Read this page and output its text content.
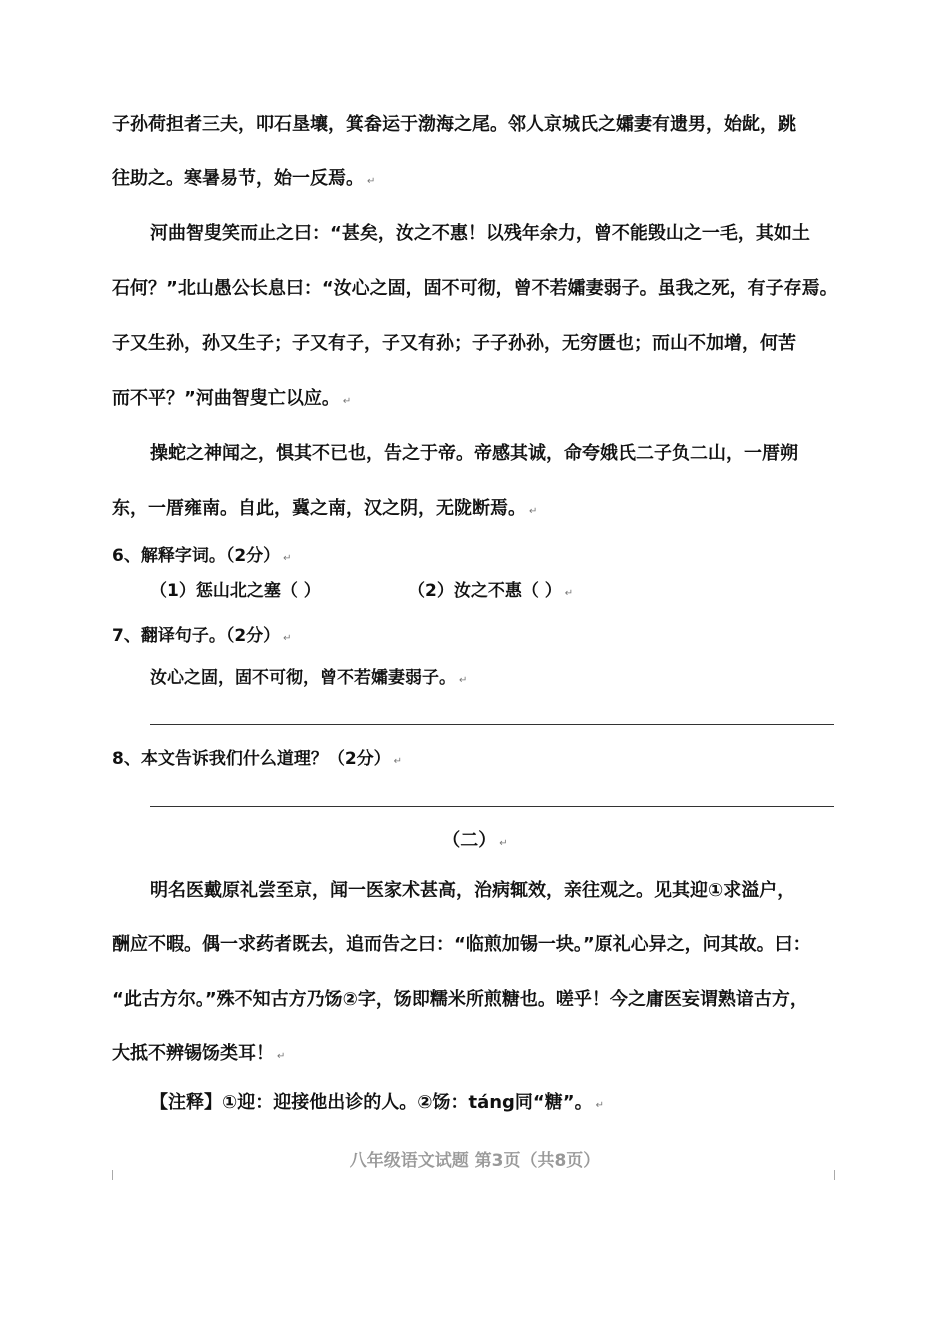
子孙荷担者三夫，叩石垦壤，箕畚运于渤海之尾。邻人京城氏之孀妻有遗男，始龀，跳
往助之。寒暑易节，始一反焉。 ↵
河曲智叟笑而止之曰：“甚矣，汝之不惠！以残年余力，曾不能毁山之一毛，其如土
石何？”北山愚公长息曰：“汝心之固，固不可彻，曾不若孀妻弱子。虽我之死，有子存焉。
子又生孙，孙又生子；子又有子，子又有孙；子子孙孙，无穷匮也；而山不加增，何苦
而不平？”河曲智叟亡以应。 ↵
操蛇之神闻之，惧其不已也，告之于帝。帝感其诚，命夸娥氏二子负二山，一厝朔
东，一厝雍南。自此，冀之南，汉之阴，无陇断焉。 ↵
6、解释字词。（2分） ↵
（1）惩山北之塞（ ）	（2）汝之不惠（ ） ↵
7、翻译句子。（2分） ↵
汝心之固，固不可彻，曾不若孀妻弱子。 ↵
8、本文告诉我们什么道理？（2分） ↵
（二） ↵
明名医戴原礼尝至京，闻一医家术甚高，治病辄效，亲往观之。见其迎①求溢户，
酬应不暇。偶一求药者既去，追而告之曰：“临煎加锡一块。”原礼心异之，问其故。曰：
“此古方尔。”殊不知古方乃饧②字，饧即糯米所煎糖也。嗟乎！今之庸医妄谓熟谙古方，
大抵不辨锡饧类耳！ ↵
【注释】①迎：迎接他出诊的人。②饧：táng同“糖”。 ↵
八年级语文试题 第3页（共8页）
